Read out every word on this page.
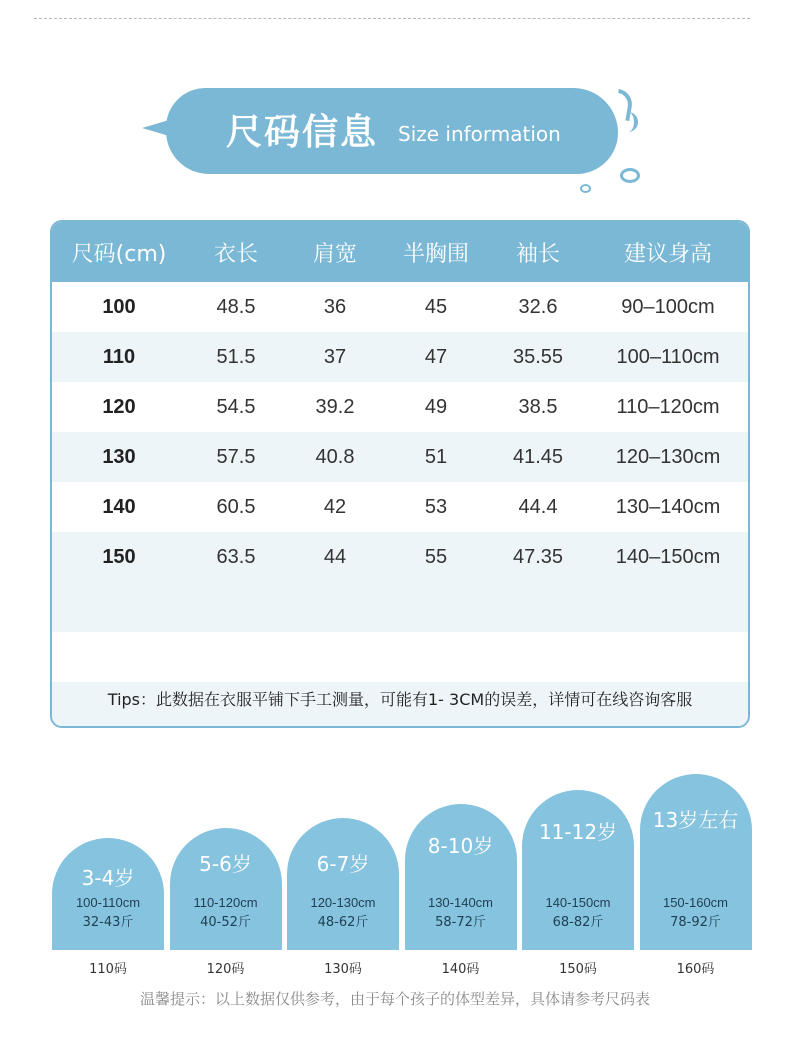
尺码信息 Size information
尺码(cm)	衣长	肩宽	半胸围	袖长	建议身高
100	48.5	36	45	32.6	90–100cm
110	51.5	37	47	35.55	100–110cm
120	54.5	39.2	49	38.5	110–120cm
130	57.5	40.8	51	41.45	120–130cm
140	60.5	42	53	44.4	130–140cm
150	63.5	44	55	47.35	140–150cm
Tips：此数据在衣服平铺下手工测量，可能有1- 3CM的误差，详情可在线咨询客服
3-4岁
100-110cm
32-43斤
5-6岁
110-120cm
40-52斤
6-7岁
120-130cm
48-62斤
8-10岁
130-140cm
58-72斤
11-12岁
140-150cm
68-82斤
13岁左右
150-160cm
78-92斤
110码	120码	130码	140码	150码	160码
温馨提示：以上数据仅供参考，由于每个孩子的体型差异，具体请参考尺码表
